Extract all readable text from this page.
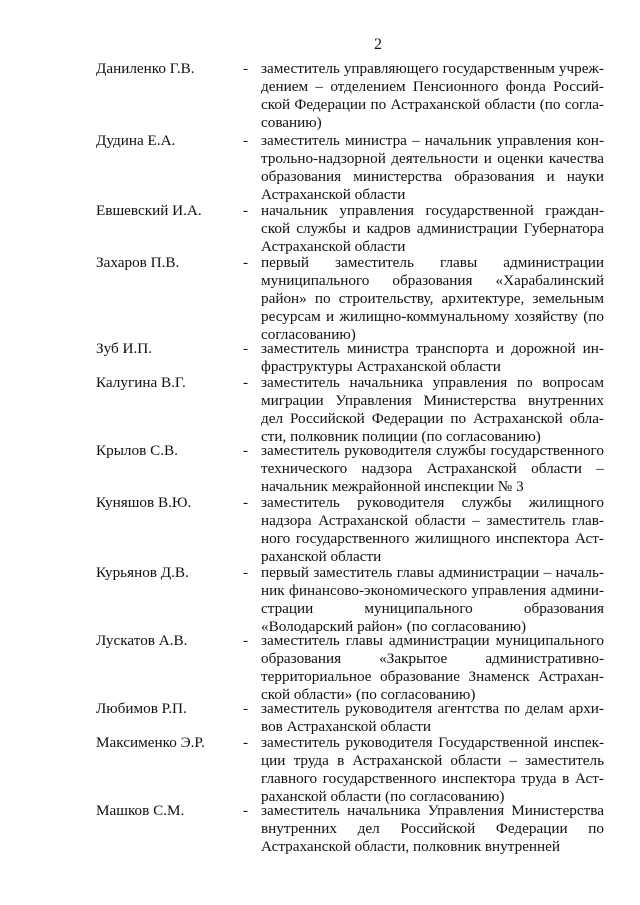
2
Даниленко Г.В.	- заместитель управляющего государственным учреж-дением – отделением Пенсионного фонда Россий-ской Федерации по Астраханской области (по согла-сованию)
Дудина Е.А.	- заместитель министра – начальник управления кон-трольно-надзорной деятельности и оценки качества образования министерства образования и науки Астраханской области
Евшевский И.А.	- начальник управления государственной граждан-ской службы и кадров администрации Губернатора Астраханской области
Захаров П.В.	- первый заместитель главы администрации муниципального образования «Харабалинский район» по строительству, архитектуре, земельным ресурсам и жилищно-коммунальному хозяйству (по согласованию)
Зуб И.П.	- заместитель министра транспорта и дорожной ин-фраструктуры Астраханской области
Калугина В.Г.	- заместитель начальника управления по вопросам миграции Управления Министерства внутренних дел Российской Федерации по Астраханской обла-сти, полковник полиции (по согласованию)
Крылов С.В.	- заместитель руководителя службы государственного технического надзора Астраханской области – начальник межрайонной инспекции № 3
Куняшов В.Ю.	- заместитель руководителя службы жилищного надзора Астраханской области – заместитель глав-ного государственного жилищного инспектора Аст-раханской области
Курьянов Д.В.	- первый заместитель главы администрации – началь-ник финансово-экономического управления админи-страции муниципального образования «Володарский район» (по согласованию)
Лускатов А.В.	- заместитель главы администрации муниципального образования «Закрытое административно-территориальное образование Знаменск Астрахан-ской области» (по согласованию)
Любимов Р.П.	- заместитель руководителя агентства по делам архи-вов Астраханской области
Максименко Э.Р.	- заместитель руководителя Государственной инспек-ции труда в Астраханской области – заместитель главного государственного инспектора труда в Аст-раханской области (по согласованию)
Машков С.М.	- заместитель начальника Управления Министерства внутренних дел Российской Федерации по Астраханской области, полковник внутренней
